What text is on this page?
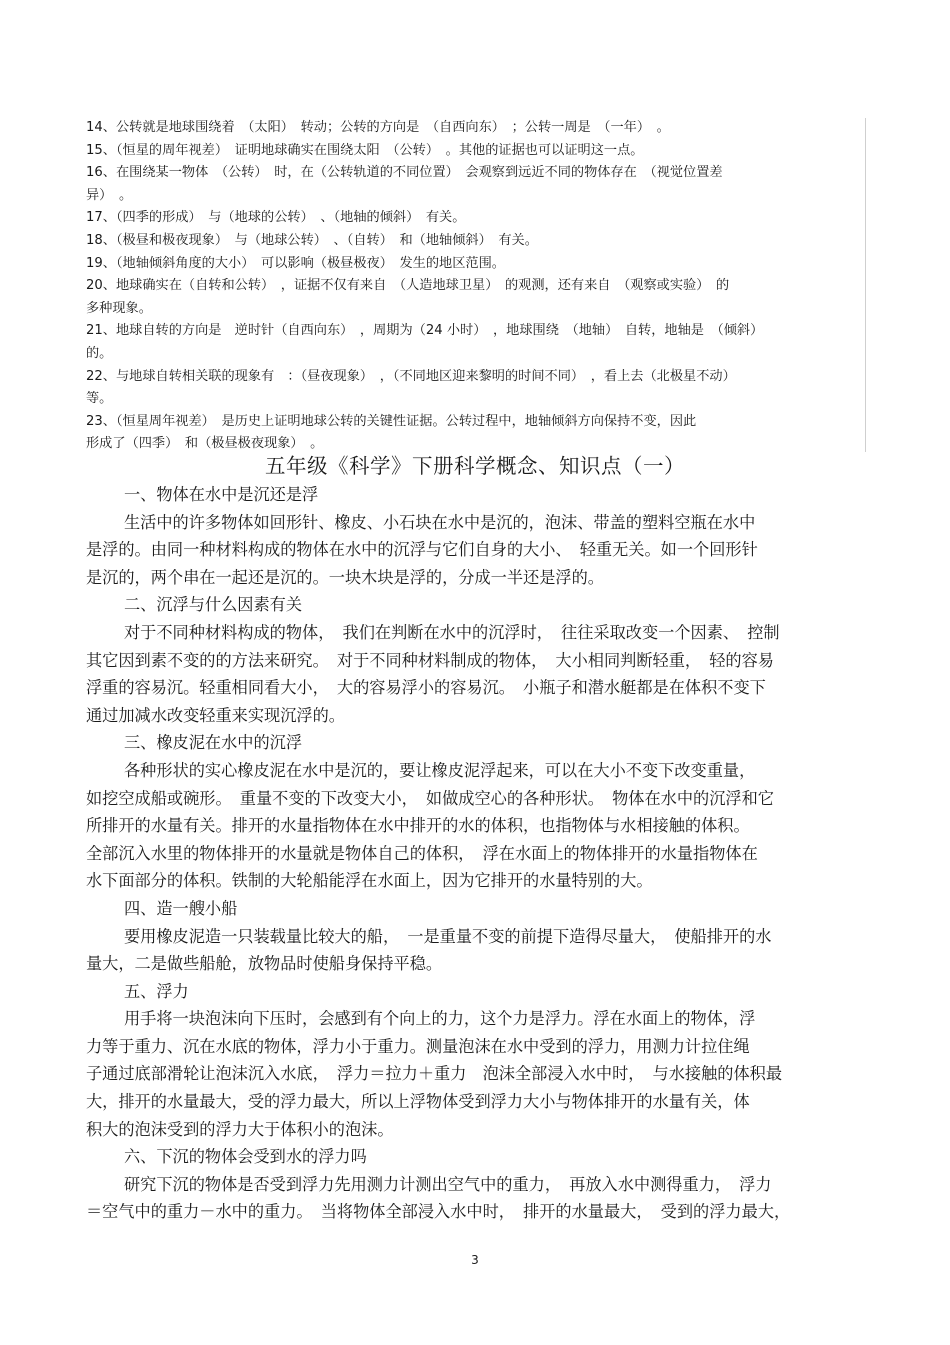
14、公转就是地球围绕着　（太阳）　转动；公转的方向是　（自西向东）　；公转一周是　（一年）　。
15、（恒星的周年视差）　证明地球确实在围绕太阳　（公转）　。其他的证据也可以证明这一点。
16、在围绕某一物体　（公转）　时，在（公转轨道的不同位置）　会观察到远近不同的物体存在　（视觉位置差
异）　。
17、（四季的形成）　与（地球的公转）　、（地轴的倾斜）　有关。
18、（极昼和极夜现象）　与（地球公转）　、（自转）　和（地轴倾斜）　有关。
19、（地轴倾斜角度的大小）　可以影响（极昼极夜）　发生的地区范围。
20、地球确实在（自转和公转）　，证据不仅有来自　（人造地球卫星）　的观测，还有来自　（观察或实验）　的
多种现象。
21、地球自转的方向是　逆时针（自西向东）　，周期为（24 小时）　，地球围绕　（地轴）　自转，地轴是　（倾斜）
的。
22、与地球自转相关联的现象有　：（昼夜现象）　，（不同地区迎来黎明的时间不同）　，看上去（北极星不动）
等。
23、（恒星周年视差）　是历史上证明地球公转的关键性证据。公转过程中，地轴倾斜方向保持不变，因此
形成了（四季）　和（极昼极夜现象）　。
五年级《科学》下册科学概念、知识点（一）
一、物体在水中是沉还是浮
生活中的许多物体如回形针、橡皮、小石块在水中是沉的，泡沫、带盖的塑料空瓶在水中
是浮的。由同一种材料构成的物体在水中的沉浮与它们自身的大小、　轻重无关。如一个回形针
是沉的，两个串在一起还是沉的。一块木块是浮的，分成一半还是浮的。
二、沉浮与什么因素有关
对于不同种材料构成的物体，　我们在判断在水中的沉浮时，　往往采取改变一个因素、　控制
其它因到素不变的的方法来研究。　对于不同种材料制成的物体，　大小相同判断轻重，　轻的容易
浮重的容易沉。轻重相同看大小，　大的容易浮小的容易沉。　小瓶子和潜水艇都是在体积不变下
通过加减水改变轻重来实现沉浮的。
三、橡皮泥在水中的沉浮
各种形状的实心橡皮泥在水中是沉的，要让橡皮泥浮起来，可以在大小不变下改变重量，
如挖空成船或碗形。　重量不变的下改变大小，　如做成空心的各种形状。　物体在水中的沉浮和它
所排开的水量有关。排开的水量指物体在水中排开的水的体积，也指物体与水相接触的体积。
全部沉入水里的物体排开的水量就是物体自己的体积，　浮在水面上的物体排开的水量指物体在
水下面部分的体积。铁制的大轮船能浮在水面上，因为它排开的水量特别的大。
四、造一艘小船
要用橡皮泥造一只装载量比较大的船，　一是重量不变的前提下造得尽量大，　使船排开的水
量大，二是做些船舱，放物品时使船身保持平稳。
五、浮力
用手将一块泡沫向下压时，会感到有个向上的力，这个力是浮力。浮在水面上的物体，浮
力等于重力、沉在水底的物体，浮力小于重力。测量泡沫在水中受到的浮力，用测力计拉住绳
子通过底部滑轮让泡沫沉入水底，　浮力＝拉力＋重力　泡沫全部浸入水中时，　与水接触的体积最
大，排开的水量最大，受的浮力最大，所以上浮物体受到浮力大小与物体排开的水量有关，体
积大的泡沫受到的浮力大于体积小的泡沫。
六、下沉的物体会受到水的浮力吗
研究下沉的物体是否受到浮力先用测力计测出空气中的重力，　再放入水中测得重力，　浮力
＝空气中的重力－水中的重力。　当将物体全部浸入水中时，　排开的水量最大，　受到的浮力最大，
3
